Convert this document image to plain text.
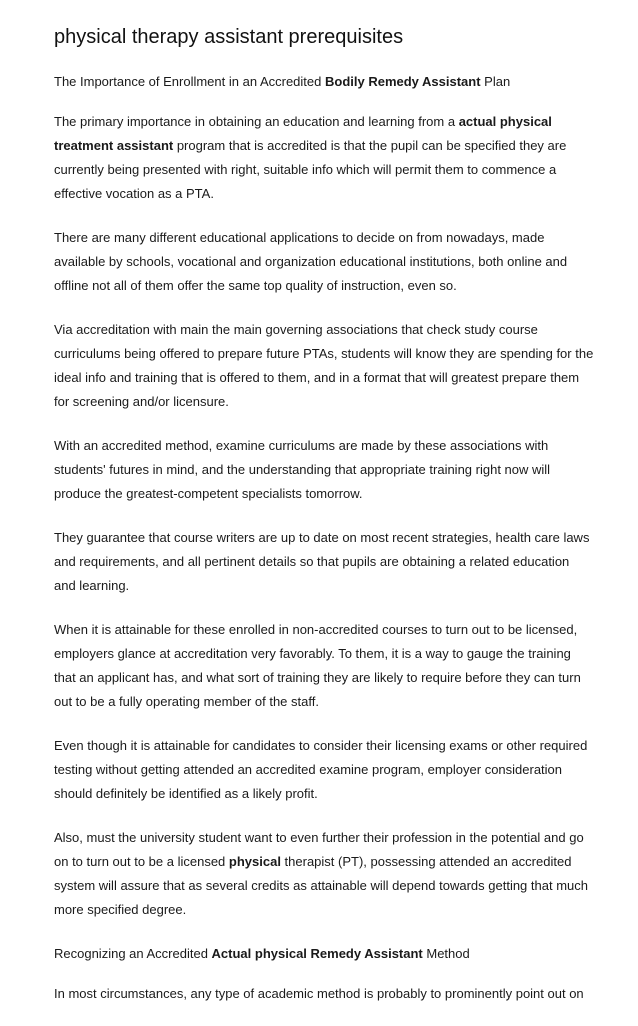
physical therapy assistant prerequisites

The Importance of Enrollment in an Accredited Bodily Remedy Assistant Plan

The primary importance in obtaining an education and learning from a actual physical treatment assistant program that is accredited is that the pupil can be specified they are currently being presented with right, suitable info which will permit them to commence a effective vocation as a PTA.

There are many different educational applications to decide on from nowadays, made available by schools, vocational and organization educational institutions, both online and offline not all of them offer the same top quality of instruction, even so.

Via accreditation with main the main governing associations that check study course curriculums being offered to prepare future PTAs, students will know they are spending for the ideal info and training that is offered to them, and in a format that will greatest prepare them for screening and/or licensure.

With an accredited method, examine curriculums are made by these associations with students' futures in mind, and the understanding that appropriate training right now will produce the greatest-competent specialists tomorrow.

They guarantee that course writers are up to date on most recent strategies, health care laws and requirements, and all pertinent details so that pupils are obtaining a related education and learning.

When it is attainable for these enrolled in non-accredited courses to turn out to be licensed, employers glance at accreditation very favorably. To them, it is a way to gauge the training that an applicant has, and what sort of training they are likely to require before they can turn out to be a fully operating member of the staff.

Even though it is attainable for candidates to consider their licensing exams or other required testing without getting attended an accredited examine program, employer consideration should definitely be identified as a likely profit.

Also, must the university student want to even further their profession in the potential and go on to turn out to be a licensed physical therapist (PT), possessing attended an accredited system will assure that as several credits as attainable will depend towards getting that much more specified degree.

Recognizing an Accredited Actual physical Remedy Assistant Method

In most circumstances, any type of academic method is probably to prominently point out on
